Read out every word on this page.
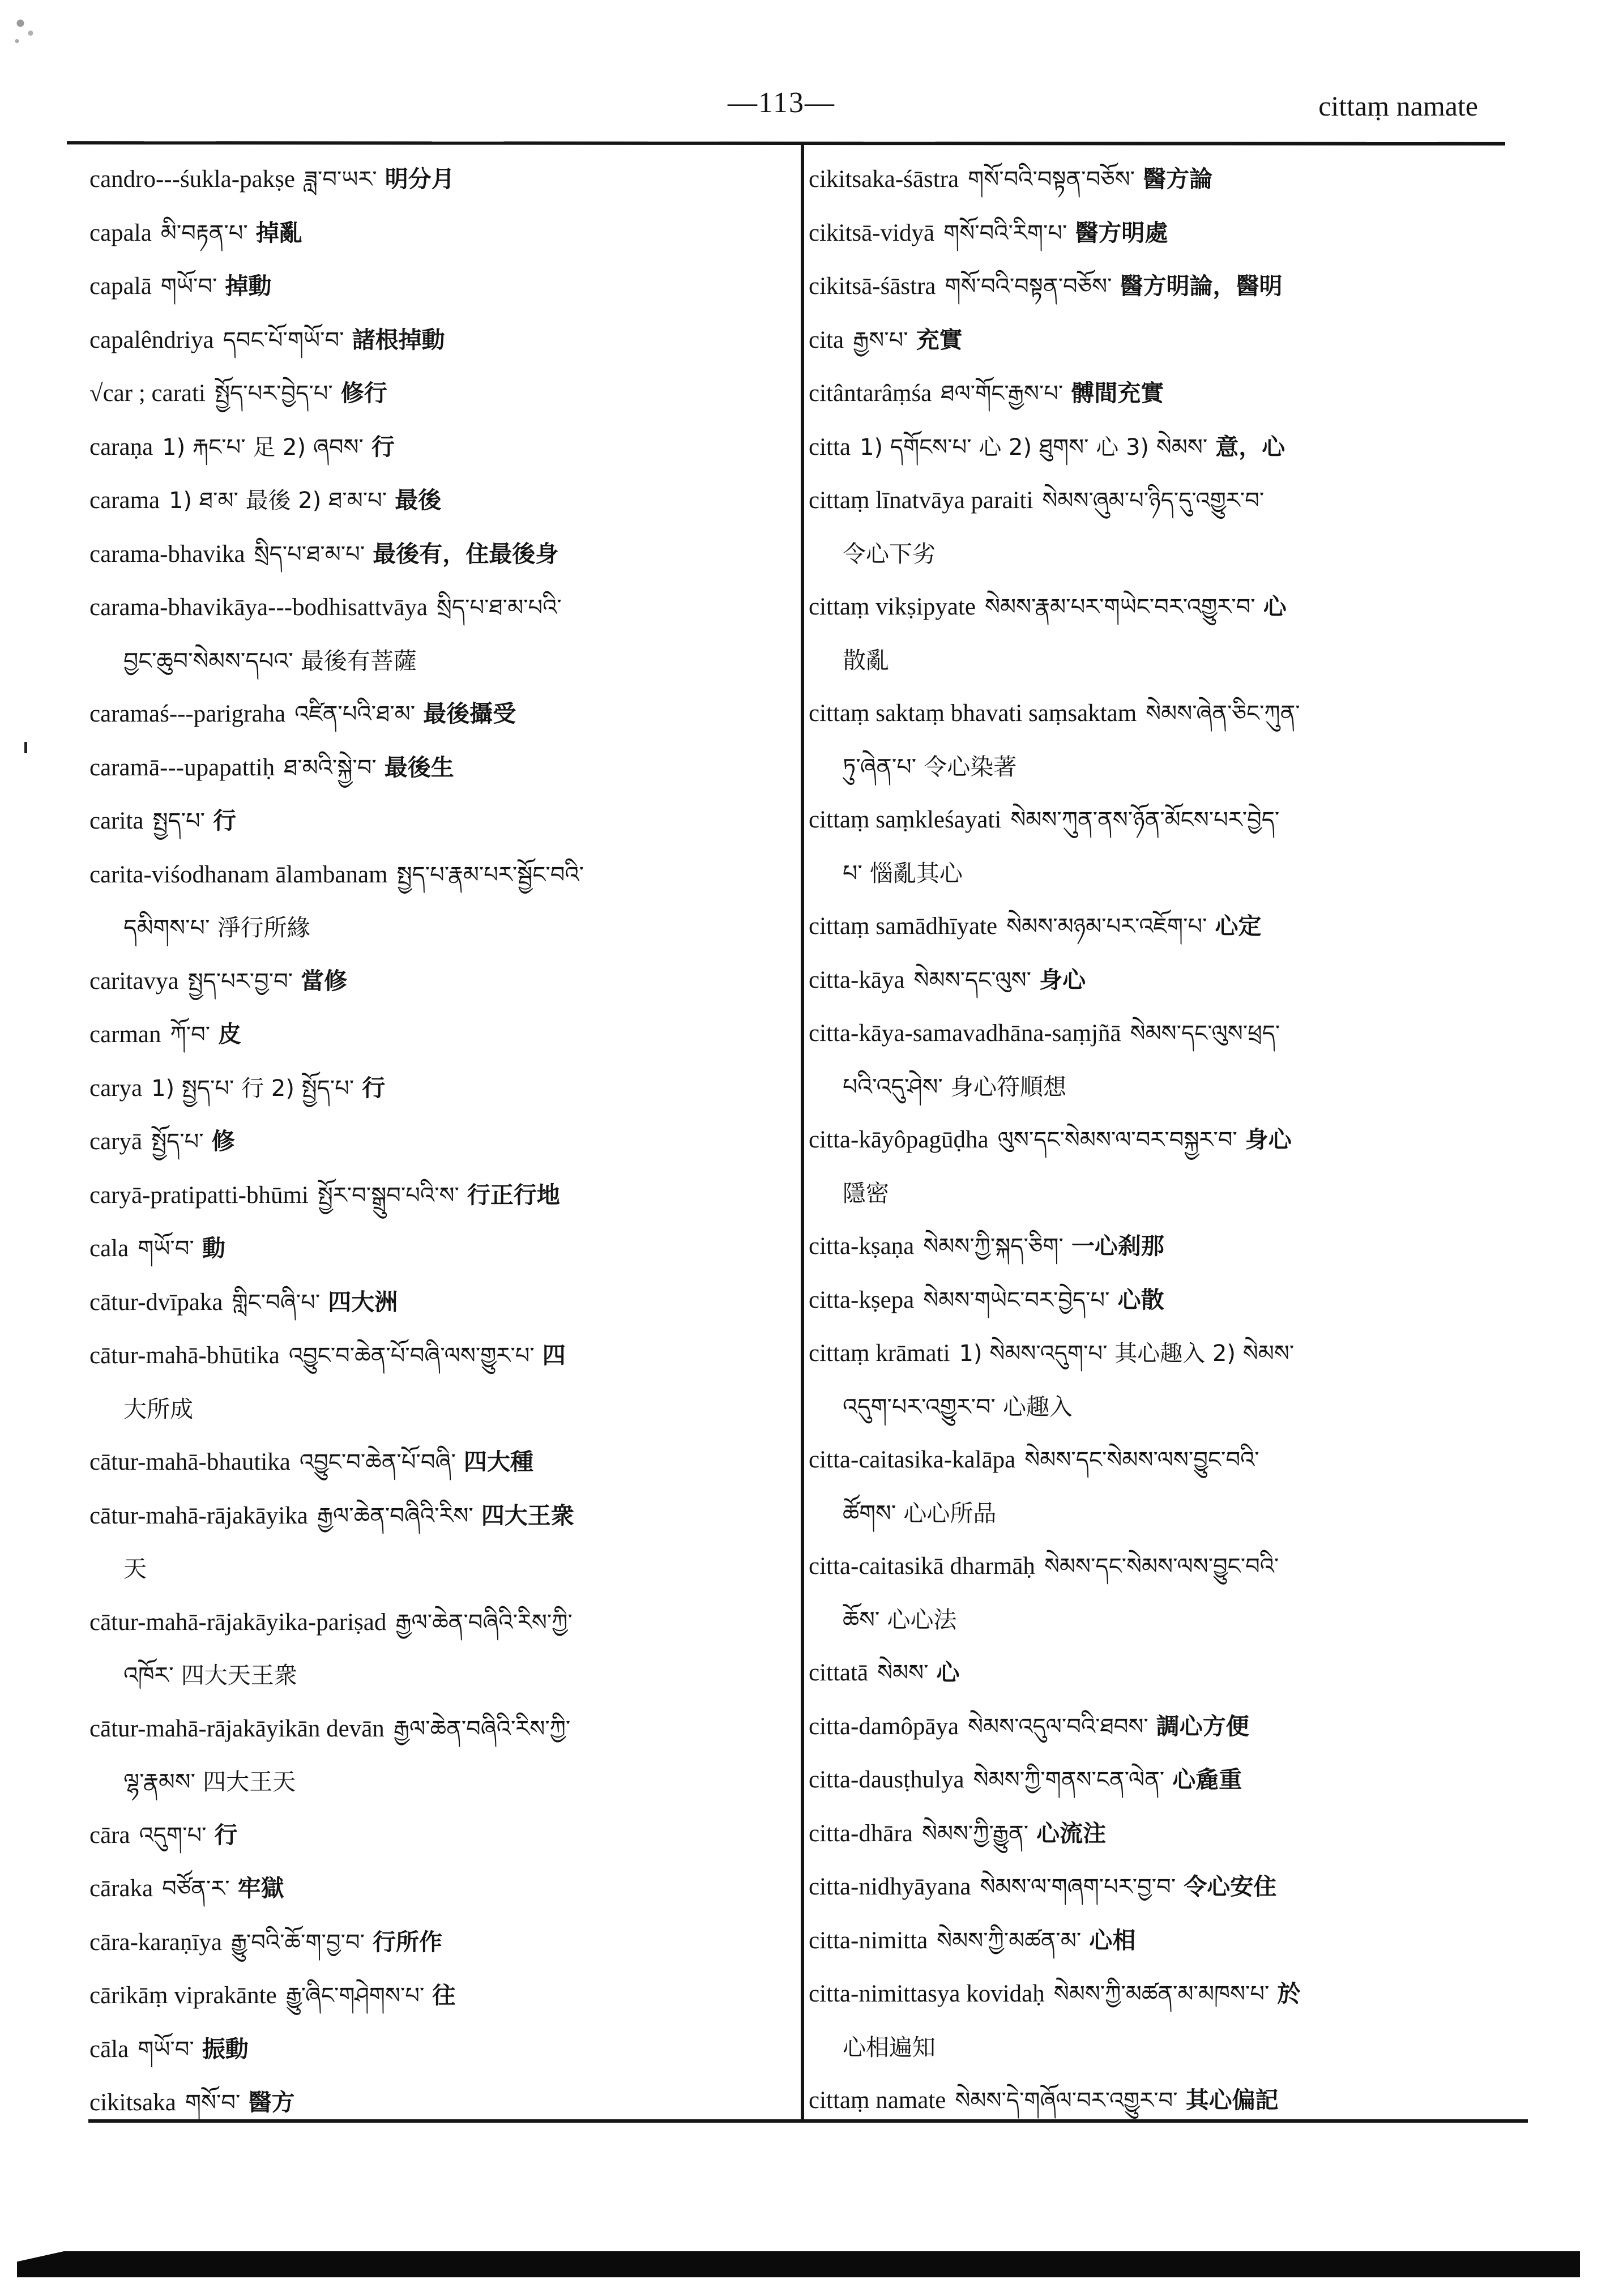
—113—	cittaṃ namate
candro---śukla-pakṣe ཟླ་བ་ཡར་ 明分月
capala མི་བརྟན་པ་ 掉亂
capalā གཡོ་བ་ 掉動
capalêndriya དབང་པོ་གཡོ་བ་ 諸根掉動
√car ; carati སྤྱོད་པར་བྱེད་པ་ 修行
caraṇa 1) རྐང་པ་ 足 2) ཞབས་ 行
carama 1) ཐ་མ་ 最後 2) ཐ་མ་པ་ 最後
carama-bhavika སྲིད་པ་ཐ་མ་པ་ 最後有，住最後身
carama-bhavikāya---bodhisattvāya སྲིད་པ་ཐ་མ་པའི་
བྱང་ཆུབ་སེམས་དཔའ་ 最後有菩薩
caramaś---parigraha འཛིན་པའི་ཐ་མ་ 最後攝受
caramā---upapattiḥ ཐ་མའི་སྐྱེ་བ་ 最後生
carita སྤྱད་པ་ 行
carita-viśodhanam ālambanam སྤྱད་པ་རྣམ་པར་སྦྱོང་བའི་
དམིགས་པ་ 淨行所緣
caritavya སྤྱད་པར་བྱ་བ་ 當修
carman ཀོ་བ་ 皮
carya 1) སྤྱད་པ་ 行 2) སྤྱོད་པ་ 行
caryā སྤྱོད་པ་ 修
caryā-pratipatti-bhūmi སྤྱོར་བ་སྒྲུབ་པའི་ས་ 行正行地
cala གཡོ་བ་ 動
cātur-dvīpaka གླིང་བཞི་པ་ 四大洲
cātur-mahā-bhūtika འབྱུང་བ་ཆེན་པོ་བཞི་ལས་གྱུར་པ་ 四
大所成
cātur-mahā-bhautika འབྱུང་བ་ཆེན་པོ་བཞི་ 四大種
cātur-mahā-rājakāyika རྒྱལ་ཆེན་བཞིའི་རིས་ 四大王衆
天
cātur-mahā-rājakāyika-pariṣad རྒྱལ་ཆེན་བཞིའི་རིས་ཀྱི་
འཁོར་ 四大天王衆
cātur-mahā-rājakāyikān devān རྒྱལ་ཆེན་བཞིའི་རིས་ཀྱི་
ལྷ་རྣམས་ 四大王天
cāra འདུག་པ་ 行
cāraka བཙོན་ར་ 牢獄
cāra-karaṇīya རྒྱུ་བའི་ཆོ་ག་བྱ་བ་ 行所作
cārikāṃ viprakānte རྒྱུ་ཞིང་གཤེགས་པ་ 往
cāla གཡོ་བ་ 振動
cikitsaka གསོ་བ་ 醫方
cikitsaka-śāstra གསོ་བའི་བསྟན་བཅོས་ 醫方論
cikitsā-vidyā གསོ་བའི་རིག་པ་ 醫方明處
cikitsā-śāstra གསོ་བའི་བསྟན་བཅོས་ 醫方明論，醫明
cita རྒྱས་པ་ 充實
citântarâṃśa ཐལ་གོང་རྒྱས་པ་ 髆間充實
citta 1) དགོངས་པ་ 心 2) ཐུགས་ 心 3) སེམས་ 意，心
cittaṃ līnatvāya paraiti སེམས་ཞུམ་པ་ཉིད་དུ་འགྱུར་བ་
令心下劣
cittaṃ vikṣipyate སེམས་རྣམ་པར་གཡེང་བར་འགྱུར་བ་ 心
散亂
cittaṃ saktaṃ bhavati saṃsaktam སེམས་ཞེན་ཅིང་ཀུན་
ཏུ་ཞེན་པ་ 令心染著
cittaṃ saṃkleśayati སེམས་ཀུན་ནས་ཉོན་མོངས་པར་བྱེད་
པ་ 惱亂其心
cittaṃ samādhīyate སེམས་མཉམ་པར་འཇོག་པ་ 心定
citta-kāya སེམས་དང་ལུས་ 身心
citta-kāya-samavadhāna-saṃjñā སེམས་དང་ལུས་ཕྲད་
པའི་འདུ་ཤེས་ 身心符順想
citta-kāyôpagūḍha ལུས་དང་སེམས་ལ་བར་བསྐྱར་བ་ 身心
隱密
citta-kṣaṇa སེམས་ཀྱི་སྐད་ཅིག་ 一心刹那
citta-kṣepa སེམས་གཡེང་བར་བྱེད་པ་ 心散
cittaṃ krāmati 1) སེམས་འདུག་པ་ 其心趣入 2) སེམས་
འདུག་པར་འགྱུར་བ་ 心趣入
citta-caitasika-kalāpa སེམས་དང་སེམས་ལས་བྱུང་བའི་
ཚོགས་ 心心所品
citta-caitasikā dharmāḥ སེམས་དང་སེམས་ལས་བྱུང་བའི་
ཆོས་ 心心法
cittatā སེམས་ 心
citta-damôpāya སེམས་འདུལ་བའི་ཐབས་ 調心方便
citta-dausṭhulya སེམས་ཀྱི་གནས་ངན་ལེན་ 心麁重
citta-dhāra སེམས་ཀྱི་རྒྱུན་ 心流注
citta-nidhyāyana སེམས་ལ་གཞག་པར་བྱ་བ་ 令心安住
citta-nimitta སེམས་ཀྱི་མཚན་མ་ 心相
citta-nimittasya kovidaḥ སེམས་ཀྱི་མཚན་མ་མཁས་པ་ 於
心相遍知
cittaṃ namate སེམས་དེ་གཞོལ་བར་འགྱུར་བ་ 其心偏記
